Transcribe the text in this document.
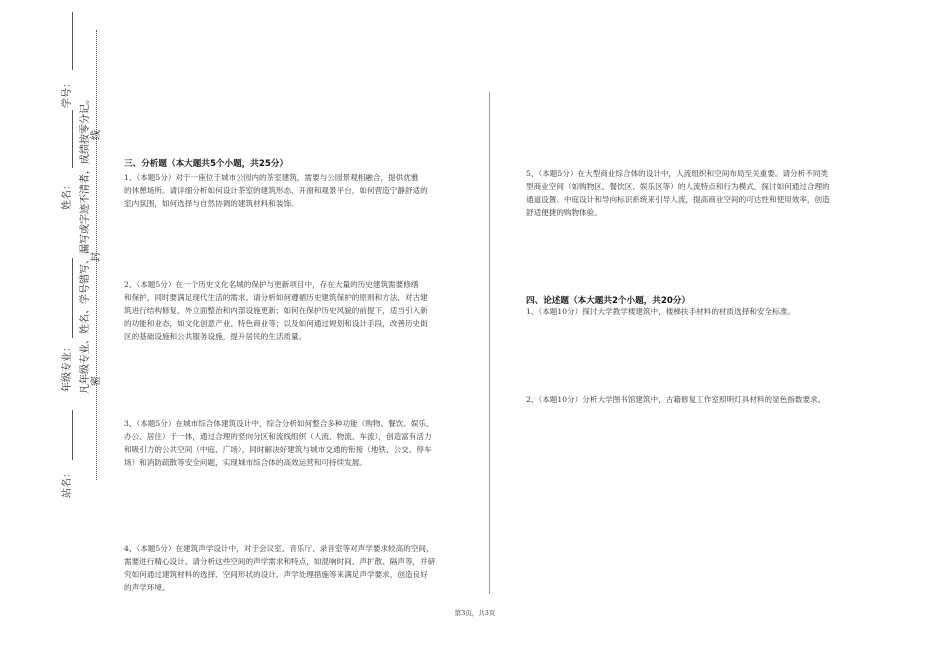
学号：
姓名：
年级专业：
站名：
凡年级专业、姓名、学号错写、漏写或字迹不清者，成绩按零分记。 密
封
线
三、分析题（本大题共5个小题，共25分）
1、（本题5分）对于一座位于城市公园内的茶室建筑，需要与公园景观相融合，提供优雅
的休憩场所。请详细分析如何设计茶室的建筑形态、开窗和观景平台，如何营造宁静舒适的
室内氛围，如何选择与自然协调的建筑材料和装饰。
2、（本题5分）在一个历史文化名城的保护与更新项目中，存在大量的历史建筑需要修缮
和保护，同时要满足现代生活的需求。请分析如何遵循历史建筑保护的原则和方法，对古建
筑进行结构修复、外立面整治和内部设施更新；如何在保护历史风貌的前提下，适当引入新
的功能和业态，如文化创意产业、特色商业等；以及如何通过规划和设计手段，改善历史街
区的基础设施和公共服务设施，提升居民的生活质量。
3、（本题5分）在城市综合体建筑设计中，综合分析如何整合多种功能（购物、餐饮、娱乐、
办公、居住）于一体，通过合理的竖向分区和流线组织（人流、物流、车流），创造富有活力
和吸引力的公共空间（中庭、广场），同时解决好建筑与城市交通的衔接（地铁、公交、停车
场）和消防疏散等安全问题，实现城市综合体的高效运营和可持续发展。
4、（本题5分）在建筑声学设计中，对于会议室、音乐厅、录音室等对声学要求较高的空间，
需要进行精心设计。请分析这些空间的声学需求和特点，如混响时间、声扩散、隔声等，并研
究如何通过建筑材料的选择、空间形状的设计、声学处理措施等来满足声学要求，创造良好
的声学环境。
5、（本题5分）在大型商业综合体的设计中，人流组织和空间布局至关重要。请分析不同类
型商业空间（如购物区、餐饮区、娱乐区等）的人流特点和行为模式，探讨如何通过合理的
通道设置、中庭设计和导向标识系统来引导人流，提高商业空间的可达性和使用效率，创造
舒适便捷的购物体验。
四、论述题（本大题共2个小题，共20分）
1、（本题10分）探讨大学教学楼建筑中，楼梯扶手材料的材质选择和安全标准。
2、（本题10分）分析大学图书馆建筑中，古籍修复工作室照明灯具材料的显色指数要求。
第3页，共3页
